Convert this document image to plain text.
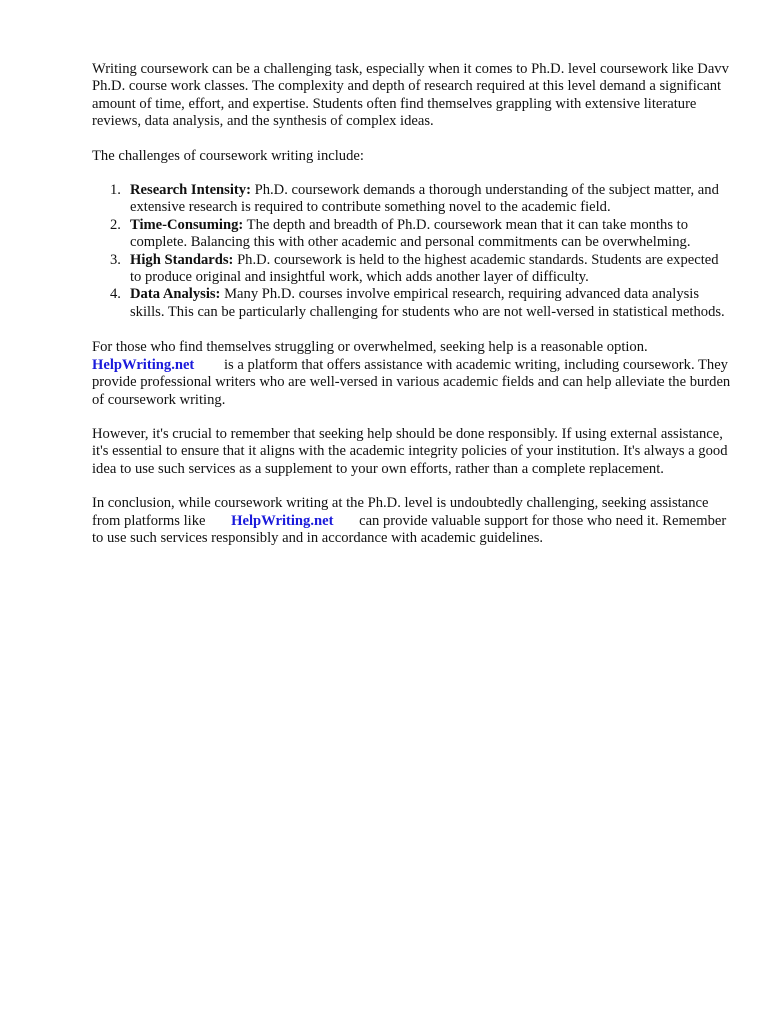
Writing coursework can be a challenging task, especially when it comes to Ph.D. level coursework like Davv Ph.D. course work classes. The complexity and depth of research required at this level demand a significant amount of time, effort, and expertise. Students often find themselves grappling with extensive literature reviews, data analysis, and the synthesis of complex ideas.

The challenges of coursework writing include:

1. Research Intensity: Ph.D. coursework demands a thorough understanding of the subject matter, and extensive research is required to contribute something novel to the academic field.
2. Time-Consuming: The depth and breadth of Ph.D. coursework mean that it can take months to complete. Balancing this with other academic and personal commitments can be overwhelming.
3. High Standards: Ph.D. coursework is held to the highest academic standards. Students are expected to produce original and insightful work, which adds another layer of difficulty.
4. Data Analysis: Many Ph.D. courses involve empirical research, requiring advanced data analysis skills. This can be particularly challenging for students who are not well-versed in statistical methods.

For those who find themselves struggling or overwhelmed, seeking help is a reasonable option.
HelpWriting.net is a platform that offers assistance with academic writing, including coursework. They provide professional writers who are well-versed in various academic fields and can help alleviate the burden of coursework writing.

However, it's crucial to remember that seeking help should be done responsibly. If using external assistance, it's essential to ensure that it aligns with the academic integrity policies of your institution. It's always a good idea to use such services as a supplement to your own efforts, rather than a complete replacement.

In conclusion, while coursework writing at the Ph.D. level is undoubtedly challenging, seeking assistance from platforms like HelpWriting.net can provide valuable support for those who need it. Remember to use such services responsibly and in accordance with academic guidelines.
